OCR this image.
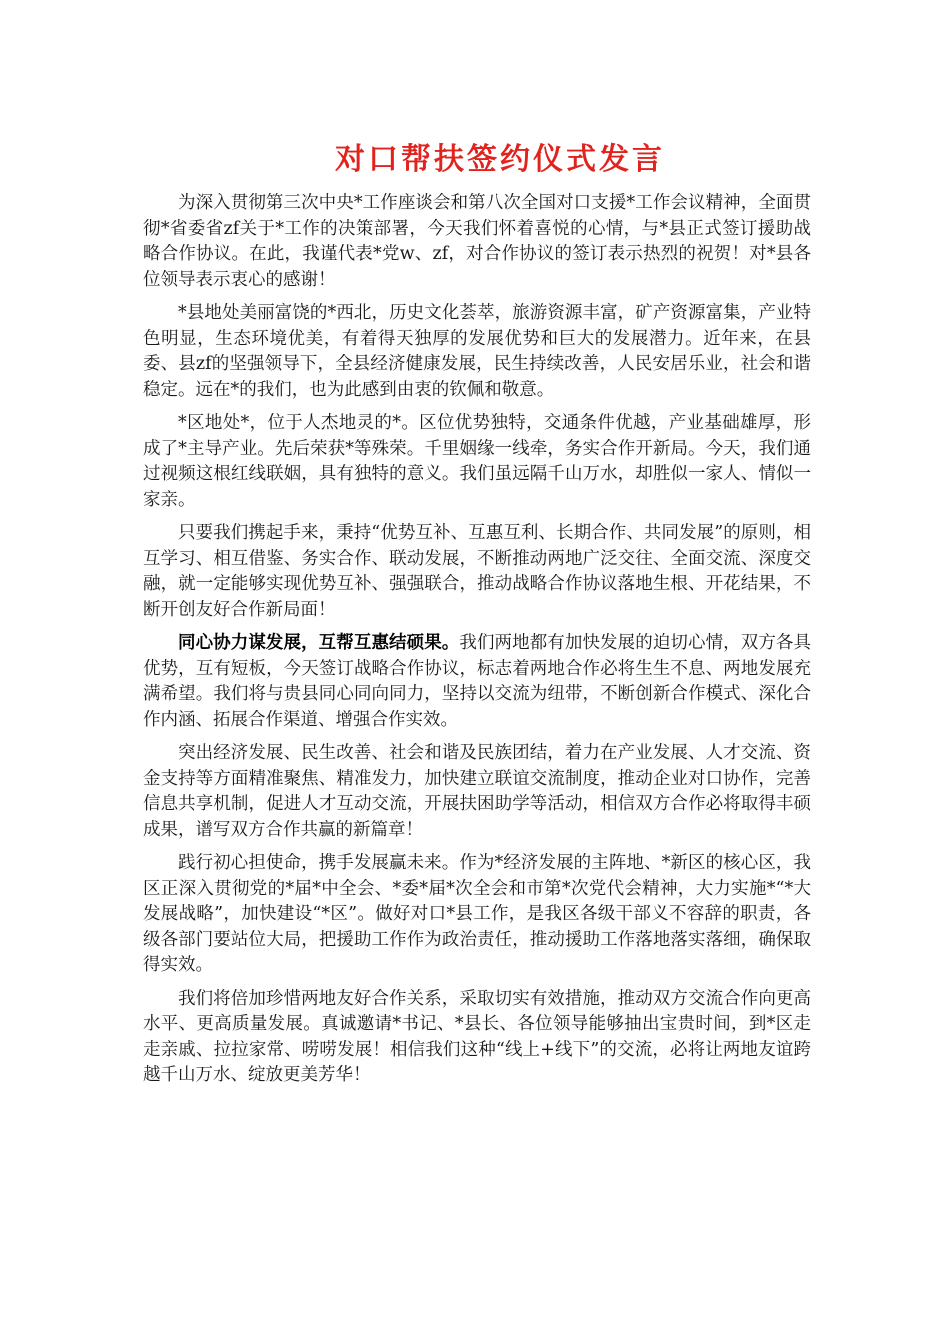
对口帮扶签约仪式发言

为深入贯彻第三次中央*工作座谈会和第八次全国对口支援*工作会议精神，全面贯彻*省委省zf关于*工作的决策部署，今天我们怀着喜悦的心情，与*县正式签订援助战略合作协议。在此，我谨代表*党w、zf，对合作协议的签订表示热烈的祝贺！对*县各位领导表示衷心的感谢！

*县地处美丽富饶的*西北，历史文化荟萃，旅游资源丰富，矿产资源富集，产业特色明显，生态环境优美，有着得天独厚的发展优势和巨大的发展潜力。近年来，在县委、县zf的坚强领导下，全县经济健康发展，民生持续改善，人民安居乐业，社会和谐稳定。远在*的我们，也为此感到由衷的钦佩和敬意。

*区地处*，位于人杰地灵的*。区位优势独特，交通条件优越，产业基础雄厚，形成了*主导产业。先后荣获*等殊荣。千里姻缘一线牵，务实合作开新局。今天，我们通过视频这根红线联姻，具有独特的意义。我们虽远隔千山万水，却胜似一家人、情似一家亲。

只要我们携起手来，秉持“优势互补、互惠互利、长期合作、共同发展”的原则，相互学习、相互借鉴、务实合作、联动发展，不断推动两地广泛交往、全面交流、深度交融，就一定能够实现优势互补、强强联合，推动战略合作协议落地生根、开花结果，不断开创友好合作新局面！

同心协力谋发展，互帮互惠结硕果。我们两地都有加快发展的迫切心情，双方各具优势，互有短板，今天签订战略合作协议，标志着两地合作必将生生不息、两地发展充满希望。我们将与贵县同心同向同力，坚持以交流为纽带，不断创新合作模式、深化合作内涵、拓展合作渠道、增强合作实效。

突出经济发展、民生改善、社会和谐及民族团结，着力在产业发展、人才交流、资金支持等方面精准聚焦、精准发力，加快建立联谊交流制度，推动企业对口协作，完善信息共享机制，促进人才互动交流，开展扶困助学等活动，相信双方合作必将取得丰硕成果，谱写双方合作共赢的新篇章！

践行初心担使命，携手发展赢未来。作为*经济发展的主阵地、*新区的核心区，我区正深入贯彻党的*届*中全会、*委*届*次全会和市第*次党代会精神，大力实施*“*大发展战略”，加快建设“*区”。做好对口*县工作，是我区各级干部义不容辞的职责，各级各部门要站位大局，把援助工作作为政治责任，推动援助工作落地落实落细，确保取得实效。

我们将倍加珍惜两地友好合作关系，采取切实有效措施，推动双方交流合作向更高水平、更高质量发展。真诚邀请*书记、*县长、各位领导能够抽出宝贵时间，到*区走走亲戚、拉拉家常、唠唠发展！相信我们这种“线上+线下”的交流，必将让两地友谊跨越千山万水、绽放更美芳华！
